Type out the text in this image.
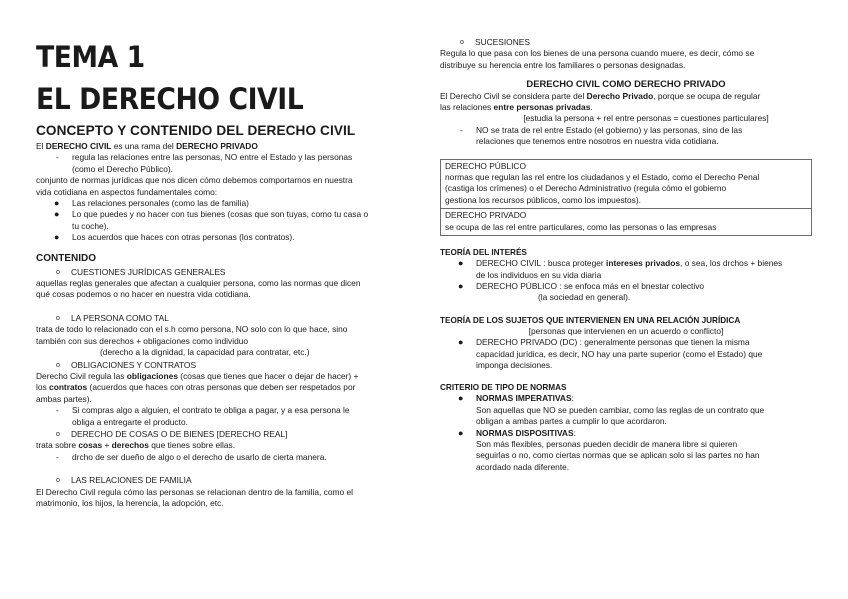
TEMA 1
EL DERECHO CIVIL
CONCEPTO Y CONTENIDO DEL DERECHO CIVIL

El DERECHO CIVIL es una rama del DERECHO PRIVADO

-	regula las relaciones entre las personas, NO entre el Estado y las personas

(como el Derecho Público).

conjunto de normas jurídicas que nos dicen cómo debemos comportarnos en nuestra

vida cotidiana en aspectos fundamentales como:

●	Las relaciones personales (como las de familia)

●	Lo que puedes y no hacer con tus bienes (cosas que son tuyas, como tu casa o

tu coche).

●	Los acuerdos que haces con otras personas (los contratos).

CONTENIDO
o	CUESTIONES JURÍDICAS GENERALES

aquellas reglas generales que afectan a cualquier persona, como las normas que dicen

qué cosas podemos o no hacer en nuestra vida cotidiana.

o	LA PERSONA COMO TAL

trata de todo lo relacionado con el s.h como persona, NO solo con lo que hace, sino

también con sus derechos + obligaciones como individuo

(derecho a la dignidad, la capacidad para contratar, etc.)

o	OBLIGACIONES Y CONTRATOS

Derecho Civil regula las obligaciones (cosas que tienes que hacer o dejar de hacer) +

los contratos (acuerdos que haces con otras personas que deben ser respetados por

ambas partes).

-	Si compras algo a alguien, el contrato te obliga a pagar, y a esa persona le

obliga a entregarte el producto.

o	DERECHO DE COSAS O DE BIENES [DERECHO REAL]

trata sobre cosas + derechos que tienes sobre ellas.

-	drcho de ser dueño de algo o el derecho de usarlo de cierta manera.

o	LAS RELACIONES DE FAMILIA

El Derecho Civil regula cómo las personas se relacionan dentro de la familia, como el

matrimonio, los hijos, la herencia, la adopción, etc.

o	SUCESIONES

Regula lo que pasa con los bienes de una persona cuando muere, es decir, cómo se

distribuye su herencia entre los familiares o personas designadas.

DERECHO CIVIL COMO DERECHO PRIVADO

El Derecho Civil se considera parte del Derecho Privado, porque se ocupa de regular

las relaciones entre personas privadas.

[estudia la persona + rel entre personas = cuestiones particulares]

-	NO se trata de rel entre Estado (el gobierno) y las personas, sino de las

relaciones que tenemos entre nosotros en nuestra vida cotidiana.

DERECHO PÚBLICO

normas que regulan las rel entre los ciudadanos y el Estado, como el Derecho Penal

(castiga los crímenes) o el Derecho Administrativo (regula cómo el gobierno

gestiona los recursos públicos, como los impuestos).

DERECHO PRIVADO

se ocupa de las rel entre particulares, como las personas o las empresas

TEORÍA DEL INTERÉS
●	DERECHO CIVIL : busca proteger intereses privados, o sea, los drchos + bienes

de los individuos en su vida diaria

●	DERECHO PÚBLICO : se enfoca más en el bnestar colectivo

(la sociedad en general).

TEORÍA DE LOS SUJETOS QUE INTERVIENEN EN UNA RELACIÓN JURÍDICA

[personas que intervienen en un acuerdo o conflicto]

●	DERECHO PRIVADO (DC) : generalmente personas que tienen la misma

capacidad jurídica, es decir, NO hay una parte superior (como el Estado) que

imponga decisiones.

CRITERIO DE TIPO DE NORMAS
●	NORMAS IMPERATIVAS:

Son aquellas que NO se pueden cambiar, como las reglas de un contrato que

obligan a ambas partes a cumplir lo que acordaron.

●	NORMAS DISPOSITIVAS:

Son más flexibles, personas pueden decidir de manera libre si quieren

seguirlas o no, como ciertas normas que se aplican solo si las partes no han

acordado nada diferente.
